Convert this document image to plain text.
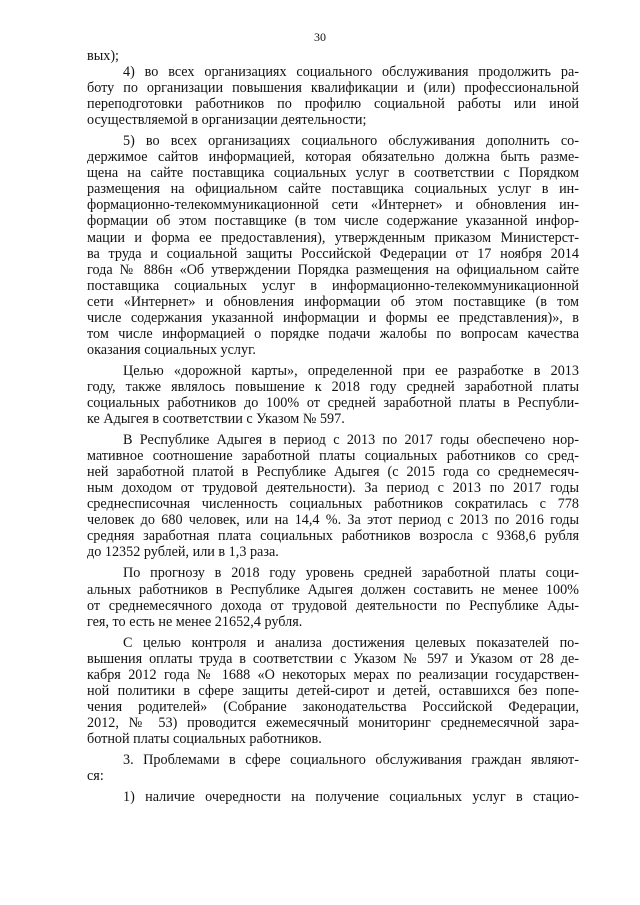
30
вых);
4) во всех организациях социального обслуживания продолжить ра-
боту по организации повышения квалификации и (или) профессиональной
переподготовки работников по профилю социальной работы или иной
осуществляемой в организации деятельности;
5) во всех организациях социального обслуживания дополнить со-
держимое сайтов информацией, которая обязательно должна быть разме-
щена на сайте поставщика социальных услуг в соответствии с Порядком
размещения на официальном сайте поставщика социальных услуг в ин-
формационно-телекоммуникационной сети «Интернет» и обновления ин-
формации об этом поставщике (в том числе содержание указанной инфор-
мации и форма ее предоставления), утвержденным приказом Министерст-
ва труда и социальной защиты Российской Федерации от 17 ноября 2014
года № 886н «Об утверждении Порядка размещения на официальном сайте
поставщика социальных услуг в информационно-телекоммуникационной
сети «Интернет» и обновления информации об этом поставщике (в том
числе содержания указанной информации и формы ее представления)», в
том числе информацией о порядке подачи жалобы по вопросам качества
оказания социальных услуг.
Целью «дорожной карты», определенной при ее разработке в 2013
году, также являлось повышение к 2018 году средней заработной платы
социальных работников до 100% от средней заработной платы в Республи-
ке Адыгея в соответствии с Указом № 597.
В Республике Адыгея в период с 2013 по 2017 годы обеспечено нор-
мативное соотношение заработной платы социальных работников со сред-
ней заработной платой в Республике Адыгея (с 2015 года со среднемесяч-
ным доходом от трудовой деятельности). За период с 2013 по 2017 годы
среднесписочная численность социальных работников сократилась с 778
человек до 680 человек, или на 14,4 %. За этот период с 2013 по 2016 годы
средняя заработная плата социальных работников возросла с 9368,6 рубля
до 12352 рублей, или в 1,3 раза.
По прогнозу в 2018 году уровень средней заработной платы соци-
альных работников в Республике Адыгея должен составить не менее 100%
от среднемесячного дохода от трудовой деятельности по Республике Ады-
гея, то есть не менее 21652,4 рубля.
С целью контроля и анализа достижения целевых показателей по-
вышения оплаты труда в соответствии с Указом № 597 и Указом от 28 де-
кабря 2012 года № 1688 «О некоторых мерах по реализации государствен-
ной политики в сфере защиты детей-сирот и детей, оставшихся без попе-
чения родителей» (Собрание законодательства Российской Федерации,
2012, № 53) проводится ежемесячный мониторинг среднемесячной зара-
ботной платы социальных работников.
3. Проблемами в сфере социального обслуживания граждан являют-
ся:
1) наличие очередности на получение социальных услуг в стацио-
